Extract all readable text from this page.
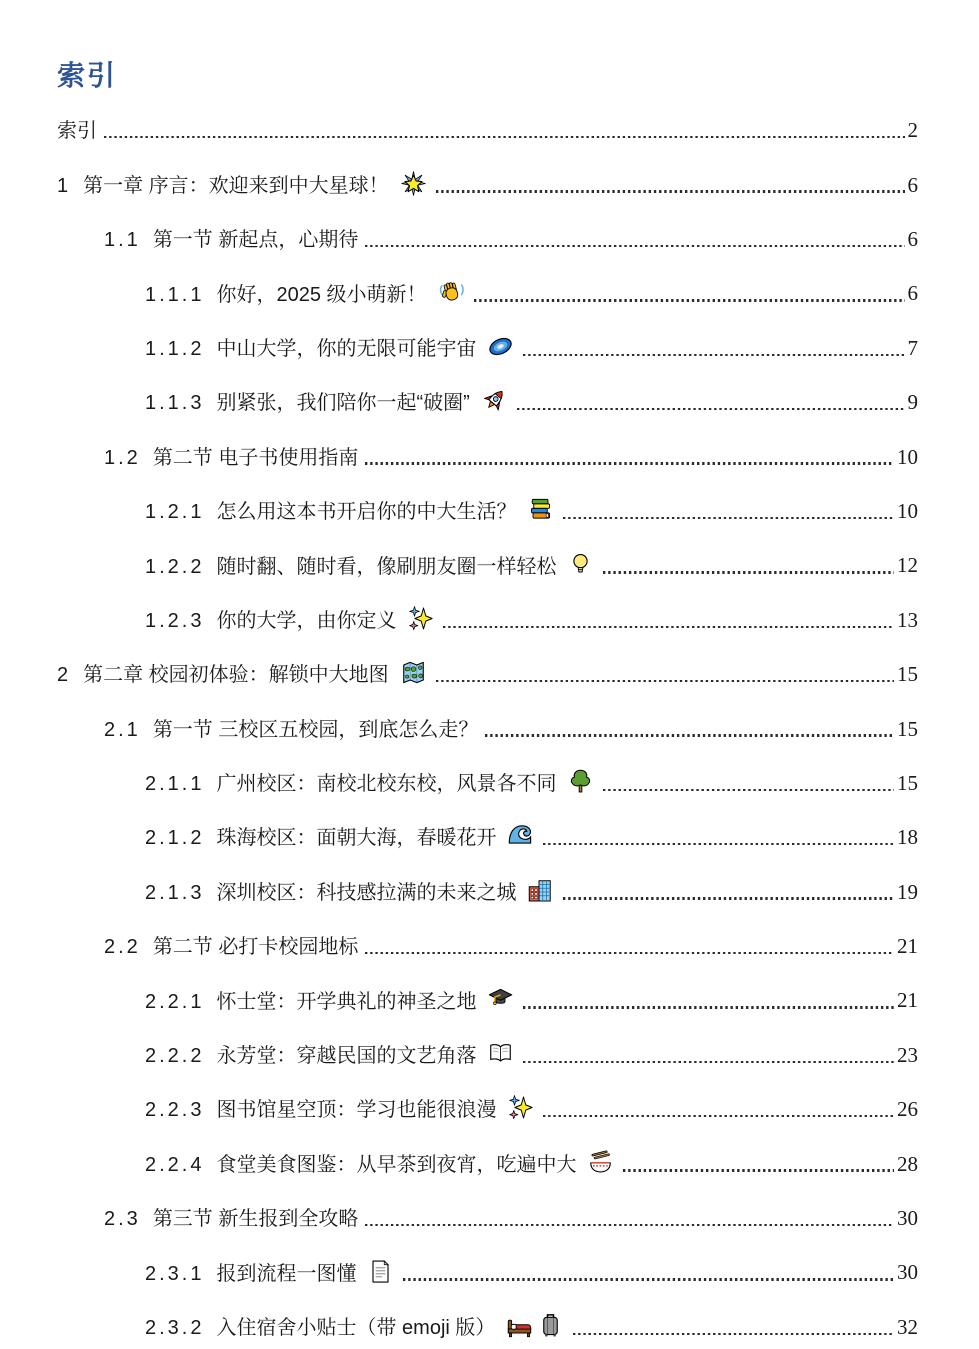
索引
索引	2
1 第一章 序言：欢迎来到中大星球！	6
1.1 第一节 新起点，心期待	6
1.1.1 你好，2025 级小萌新！	6
1.1.2 中山大学，你的无限可能宇宙	7
1.1.3 别紧张，我们陪你一起“破圈”	9
1.2 第二节 电子书使用指南	10
1.2.1 怎么用这本书开启你的中大生活？	10
1.2.2 随时翻、随时看，像刷朋友圈一样轻松	12
1.2.3 你的大学，由你定义	13
2 第二章 校园初体验：解锁中大地图	15
2.1 第一节 三校区五校园，到底怎么走？	15
2.1.1 广州校区：南校北校东校，风景各不同	15
2.1.2 珠海校区：面朝大海，春暖花开	18
2.1.3 深圳校区：科技感拉满的未来之城	19
2.2 第二节 必打卡校园地标	21
2.2.1 怀士堂：开学典礼的神圣之地	21
2.2.2 永芳堂：穿越民国的文艺角落	23
2.2.3 图书馆星空顶：学习也能很浪漫	26
2.2.4 食堂美食图鉴：从早茶到夜宵，吃遍中大	28
2.3 第三节 新生报到全攻略	30
2.3.1 报到流程一图懂	30
2.3.2 入住宿舍小贴士（带 emoji 版）	32
